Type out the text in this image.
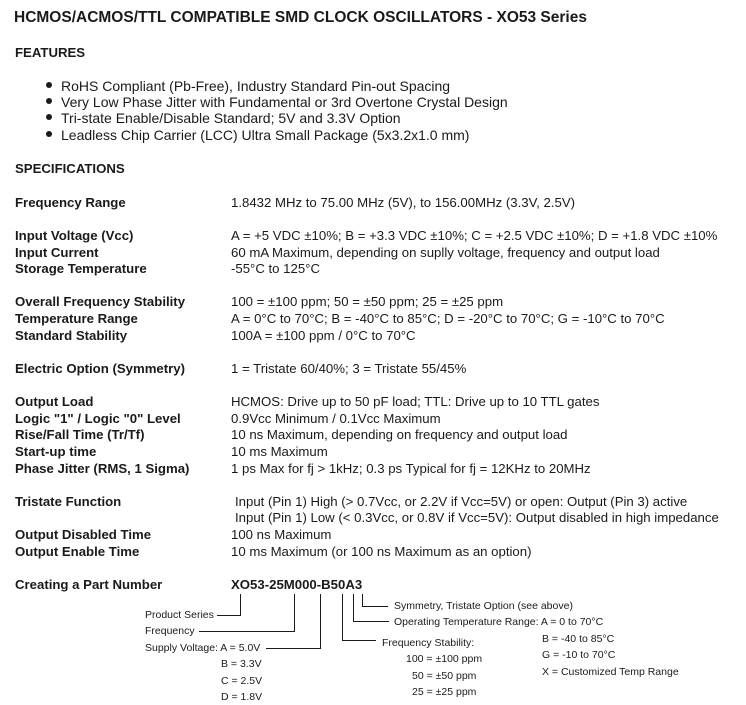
HCMOS/ACMOS/TTL COMPATIBLE SMD CLOCK OSCILLATORS - XO53 Series
FEATURES
RoHS Compliant (Pb-Free), Industry Standard Pin-out Spacing
Very Low Phase Jitter with Fundamental or 3rd Overtone Crystal Design
Tri-state Enable/Disable Standard; 5V and 3.3V Option
Leadless Chip Carrier (LCC) Ultra Small Package (5x3.2x1.0 mm)
SPECIFICATIONS
Frequency Range	1.8432 MHz to 75.00 MHz (5V), to 156.00MHz (3.3V, 2.5V)
Input Voltage (Vcc)	A = +5 VDC ±10%; B = +3.3 VDC ±10%; C = +2.5 VDC ±10%; D = +1.8 VDC ±10%
Input Current	60 mA Maximum, depending on suplly voltage, frequency and output load
Storage Temperature	-55°C to 125°C
Overall Frequency Stability	100 = ±100 ppm; 50 = ±50 ppm; 25 = ±25 ppm
Temperature Range	A = 0°C to 70°C; B = -40°C to 85°C; D = -20°C to 70°C; G = -10°C to 70°C
Standard Stability	100A = ±100 ppm / 0°C to 70°C
Electric Option (Symmetry)	1 = Tristate 60/40%; 3 = Tristate 55/45%
Output Load	HCMOS: Drive up to 50 pF load; TTL: Drive up to 10 TTL gates
Logic "1" / Logic "0" Level	0.9Vcc Minimum / 0.1Vcc Maximum
Rise/Fall Time (Tr/Tf)	10 ns Maximum, depending on frequency and output load
Start-up time	10 ms Maximum
Phase Jitter (RMS, 1 Sigma)	1 ps Max for fj > 1kHz; 0.3 ps Typical for fj = 12KHz to 20MHz
Tristate Function	Input (Pin 1) High (> 0.7Vcc, or 2.2V if Vcc=5V) or open: Output (Pin 3) active
Input (Pin 1) Low (< 0.3Vcc, or 0.8V if Vcc=5V): Output disabled in high impedance
Output Disabled Time	100 ns Maximum
Output Enable Time	10 ms Maximum (or 100 ns Maximum as an option)
Creating a Part Number	XO53-25M000-B50A3
Product Series
Frequency
Supply Voltage: A = 5.0V
B = 3.3V
C = 2.5V
D = 1.8V
Symmetry, Tristate Option (see above)
Operating Temperature Range: A = 0 to 70°C
B = -40 to 85°C
G = -10 to 70°C
X = Customized Temp Range
Frequency Stability:
100 = ±100 ppm
50 = ±50 ppm
25 = ±25 ppm
